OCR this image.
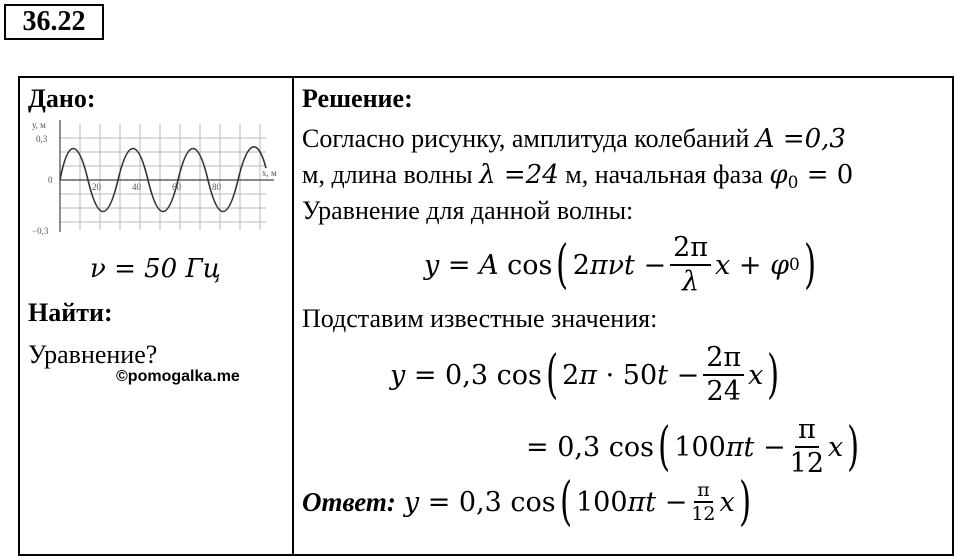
36.22
Дано:
у, м
0,3
0
−0,3
20	40	60	80
х, м
ν = 50 Гц
Найти:
Уравнение?
©pomogalka.me
Решение:
Согласно рисунку, амплитуда колебаний A =0,3
м, длина волны λ =24 м, начальная фаза $\varphi_0 = 0$
Уравнение для данной волны:
y = A cos ( 2 $\pi\nu t - \frac{2\pi}{\lambda}$ x + φ 0 )
Подставим известные значения:
y = 0,3 cos ( 2 π · 50 $t - \frac{2\pi}{24}$ x )
= 0,3 cos ( 100 $\pi t - \frac{\pi}{12}$ x )
Ответ: y = 0,3 cos ( 100 $\pi t - \frac{\pi}{12}$ x )
